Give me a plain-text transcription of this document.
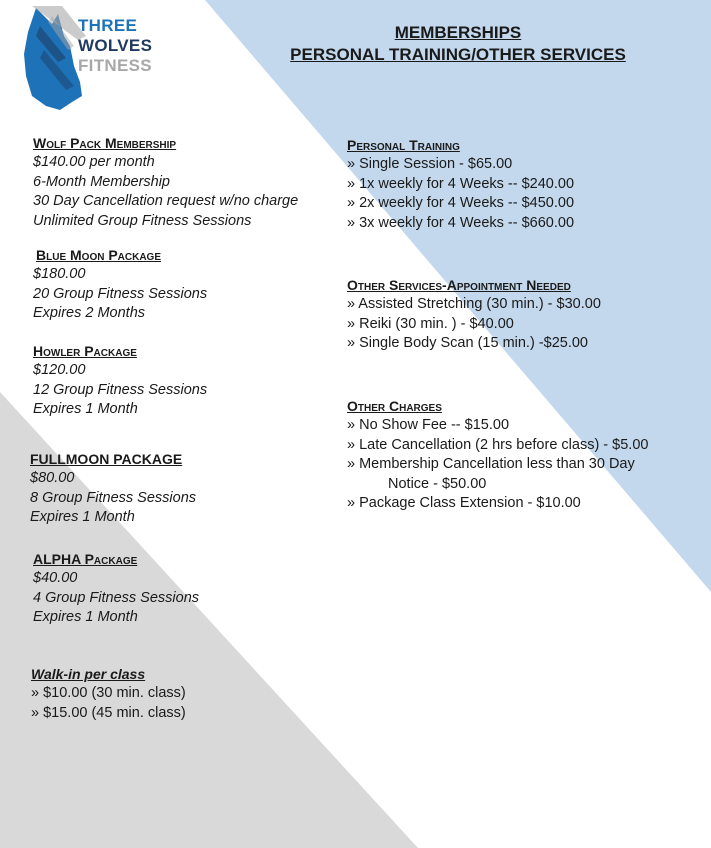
THREE
WOLVES
FITNESS
MEMBERSHIPS
PERSONAL TRAINING/OTHER SERVICES
Wolf Pack Membership
$140.00 per month
6-Month Membership
30 Day Cancellation request w/no charge
Unlimited Group Fitness Sessions
Blue Moon Package
$180.00
20 Group Fitness Sessions
Expires 2 Months
Howler Package
$120.00
12 Group Fitness Sessions
Expires 1 Month
FULLMOON PACKAGE
$80.00
8 Group Fitness Sessions
Expires 1 Month
ALPHA Package
$40.00
4 Group Fitness Sessions
Expires 1 Month
Walk-in per class
» $10.00 (30 min. class)
» $15.00 (45 min. class)
Personal Training
» Single Session - $65.00
» 1x weekly for 4 Weeks -- $240.00
» 2x weekly for 4 Weeks -- $450.00
» 3x weekly for 4 Weeks -- $660.00
Other Services-Appointment Needed
» Assisted Stretching (30 min.) - $30.00
» Reiki (30 min. ) - $40.00
» Single Body Scan (15 min.) -$25.00
Other Charges
» No Show Fee -- $15.00
» Late Cancellation (2 hrs before class) - $5.00
» Membership Cancellation less than 30 Day
Notice - $50.00
» Package Class Extension - $10.00
